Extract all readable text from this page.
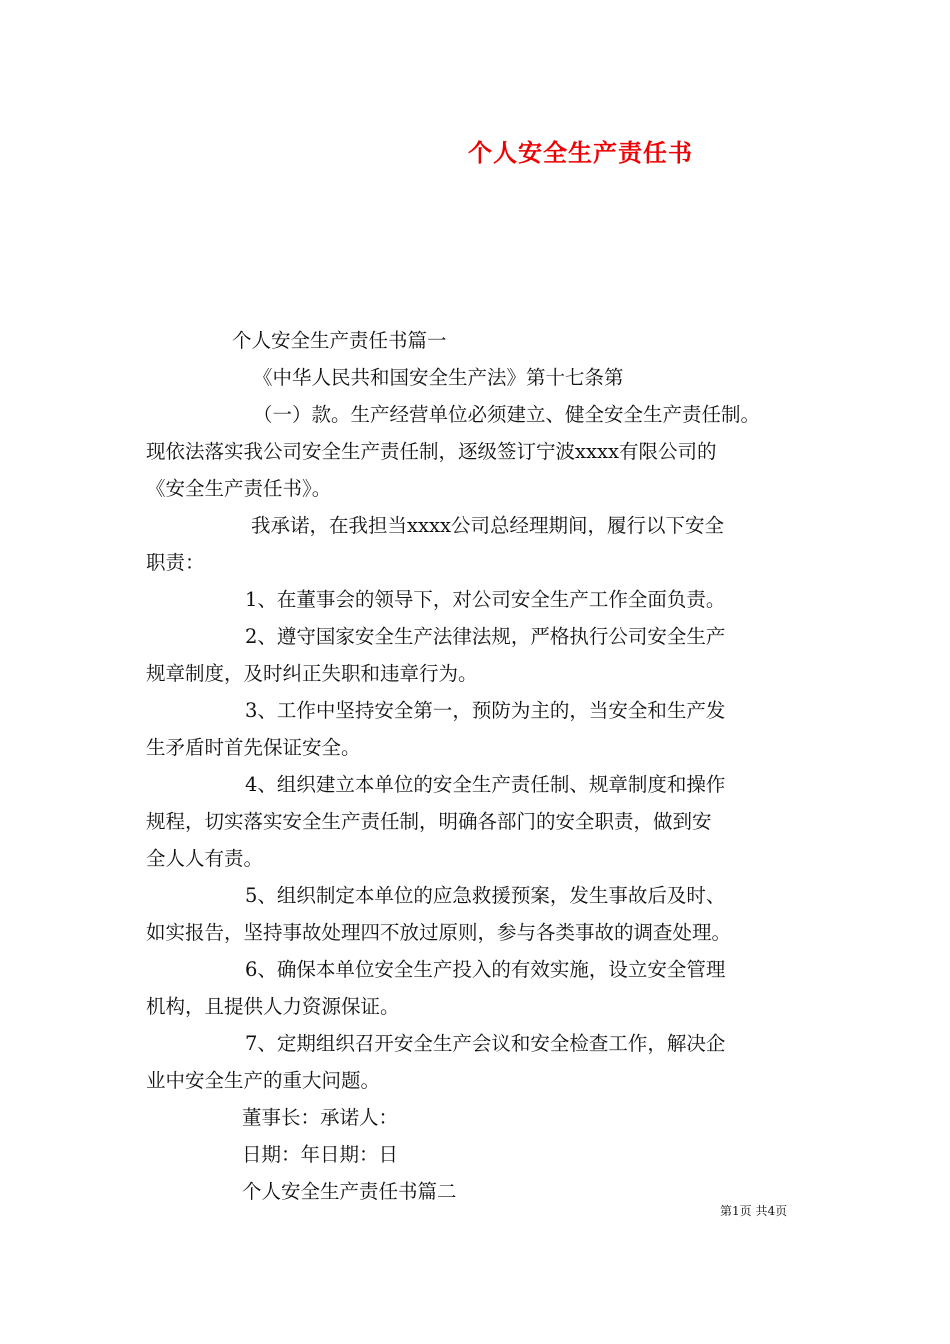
个人安全生产责任书
个人安全生产责任书篇一
《中华人民共和国安全生产法》第十七条第
（一）款。生产经营单位必须建立、健全安全生产责任制。
现依法落实我公司安全生产责任制，逐级签订宁波xxxx有限公司的
《安全生产责任书》。
我承诺，在我担当xxxx公司总经理期间，履行以下安全
职责：
1、在董事会的领导下，对公司安全生产工作全面负责。
2、遵守国家安全生产法律法规，严格执行公司安全生产
规章制度，及时纠正失职和违章行为。
3、工作中坚持安全第一，预防为主的，当安全和生产发
生矛盾时首先保证安全。
4、组织建立本单位的安全生产责任制、规章制度和操作
规程，切实落实安全生产责任制，明确各部门的安全职责，做到安
全人人有责。
5、组织制定本单位的应急救援预案，发生事故后及时、
如实报告，坚持事故处理四不放过原则，参与各类事故的调查处理。
6、确保本单位安全生产投入的有效实施，设立安全管理
机构，且提供人力资源保证。
7、定期组织召开安全生产会议和安全检查工作，解决企
业中安全生产的重大问题。
董事长：承诺人：
日期：年日期：日
个人安全生产责任书篇二
第1页 共4页
